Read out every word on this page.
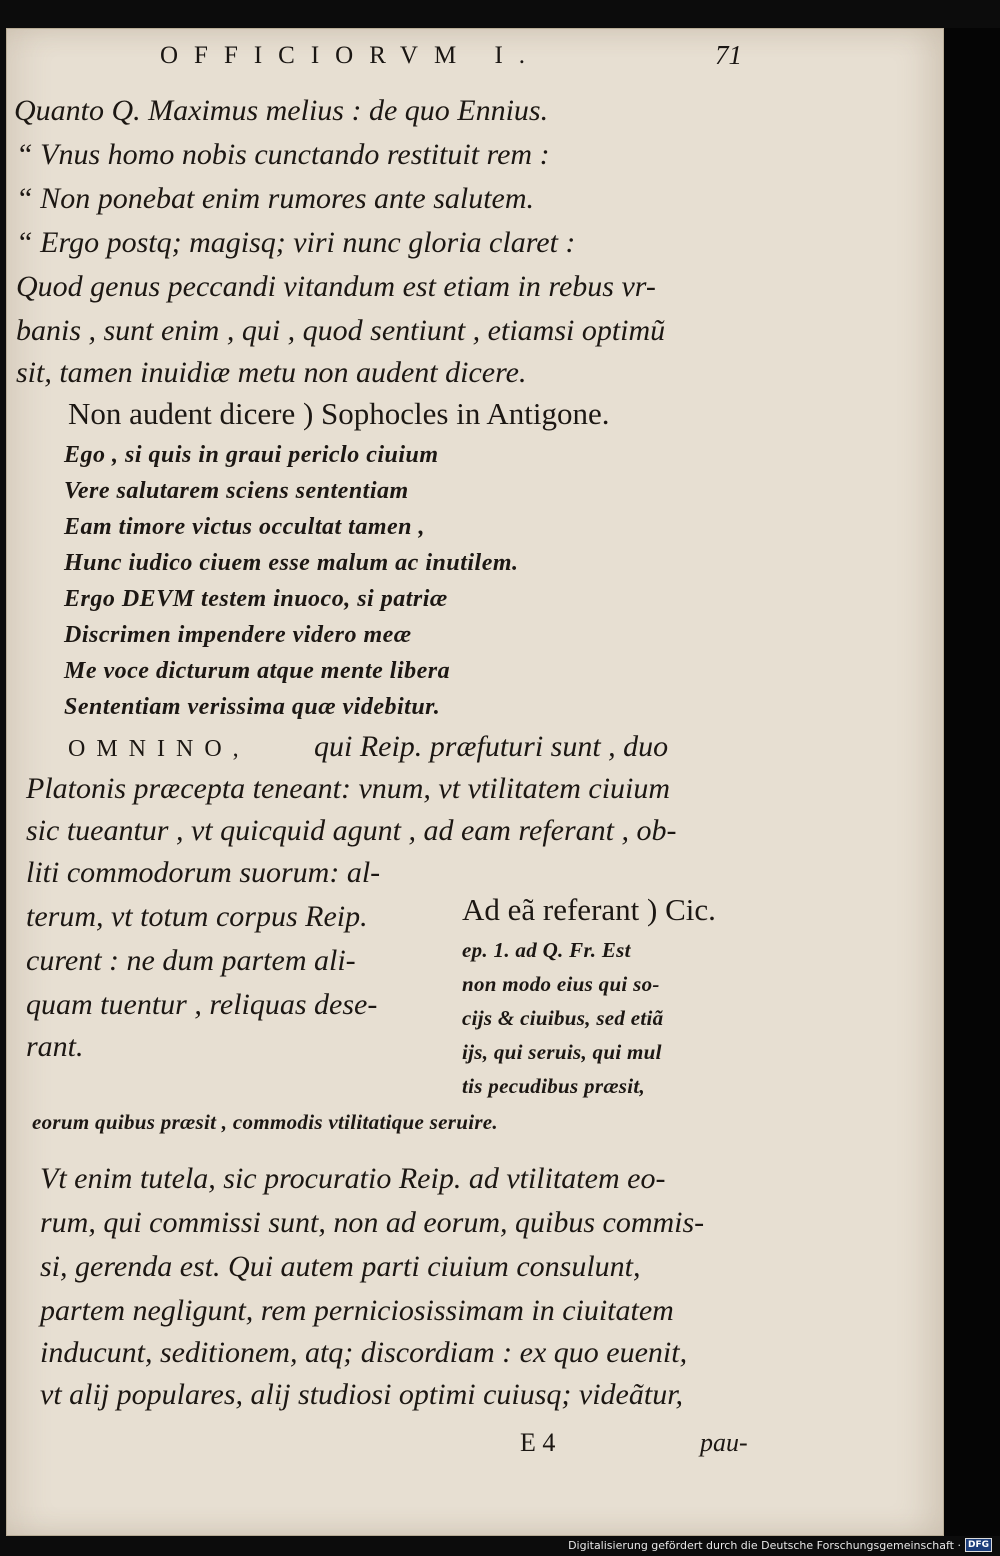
OFFICIORVM I.	71
Quanto Q. Maximus melius : de quo Ennius.
“ Vnus homo nobis cunctando restituit rem :
“ Non ponebat enim rumores ante salutem.
“ Ergo postq; magisq; viri nunc gloria claret :
Quod genus peccandi vitandum est etiam in rebus vr-
banis , sunt enim , qui , quod sentiunt , etiamsi optimũ
sit, tamen inuidiæ metu non audent dicere.
Non audent dicere ) Sophocles in Antigone.
Ego , si quis in graui periclo ciuium
Vere salutarem sciens sententiam
Eam timore victus occultat tamen ,
Hunc iudico ciuem esse malum ac inutilem.
Ergo DEVM testem inuoco, si patriæ
Discrimen impendere videro meæ
Me voce dicturum atque mente libera
Sententiam verissima quæ videbitur.
OMNINO, qui Reip. præfuturi sunt , duo
Platonis præcepta teneant: vnum, vt vtilitatem ciuium
sic tueantur , vt quicquid agunt , ad eam referant , ob-
liti commodorum suorum: al-
terum, vt totum corpus Reip.
curent : ne dum partem ali-
quam tuentur , reliquas dese-
rant.
Ad eã referant ) Cic.
ep. 1. ad Q. Fr. Est
non modo eius qui so-
cijs & ciuibus, sed etiã
ijs, qui seruis, qui mul
tis pecudibus præsit,
eorum quibus præsit , commodis vtilitatique seruire.
Vt enim tutela, sic procuratio Reip. ad vtilitatem eo-
rum, qui commissi sunt, non ad eorum, quibus commis-
si, gerenda est. Qui autem parti ciuium consulunt,
partem negligunt, rem perniciosissimam in ciuitatem
inducunt, seditionem, atq; discordiam : ex quo euenit,
vt alij populares, alij studiosi optimi cuiusq; videãtur,
E 4	pau-
Digitalisierung gefördert durch die Deutsche Forschungsgemeinschaft · DFG
